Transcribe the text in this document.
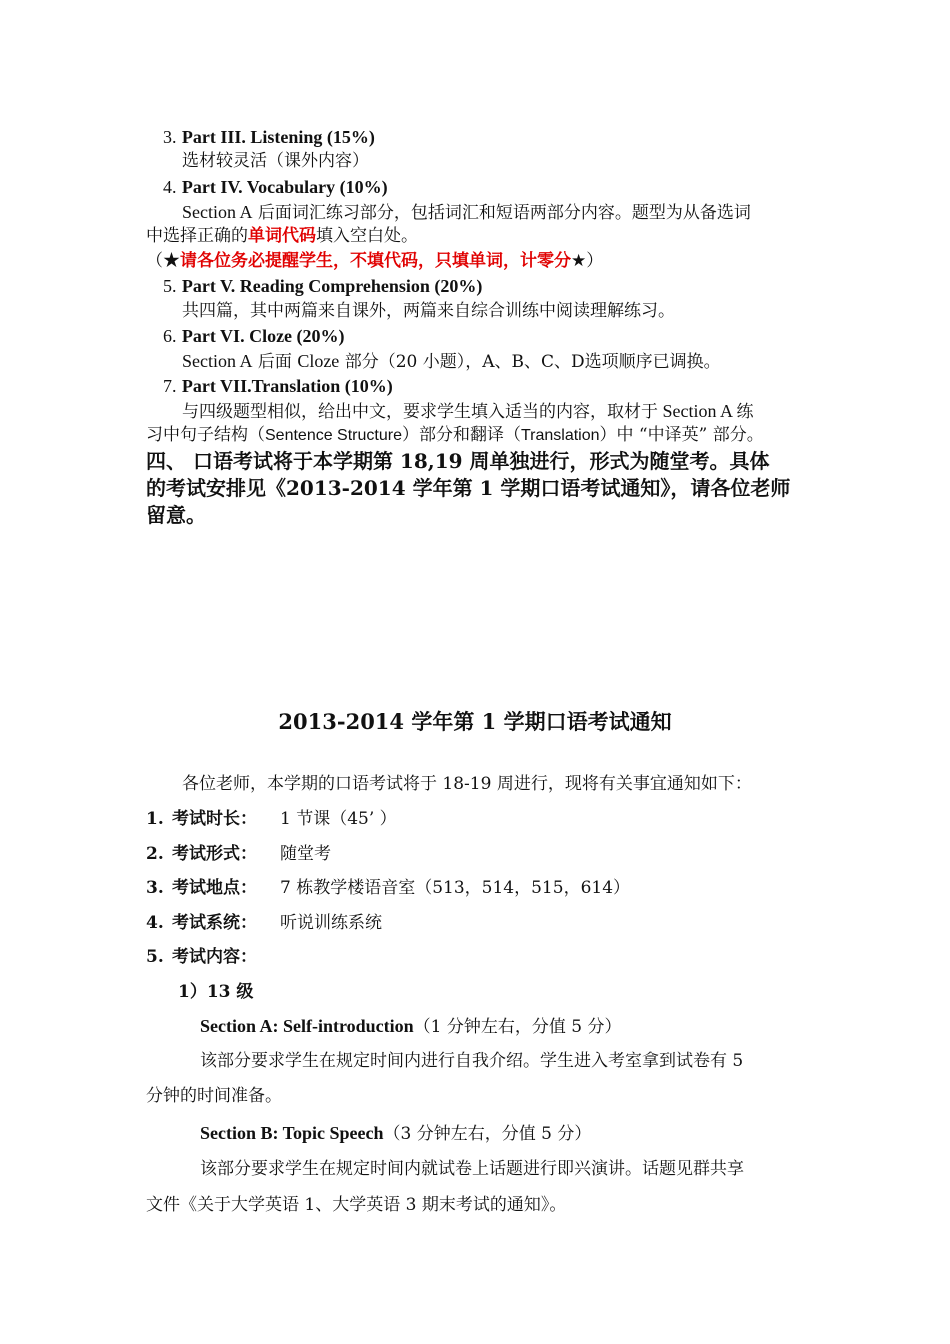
3. Part III. Listening (15%)
选材较灵活（课外内容）
4. Part IV. Vocabulary (10%)
Section A 后面词汇练习部分，包括词汇和短语两部分内容。题型为从备选词
中选择正确的单词代码填入空白处。
（★请各位务必提醒学生，不填代码，只填单词，计零分★）
5. Part V. Reading Comprehension (20%)
共四篇，其中两篇来自课外，两篇来自综合训练中阅读理解练习。
6. Part VI. Cloze (20%)
Section A 后面 Cloze 部分（20 小题），A、B、C、D选项顺序已调换。
7. Part VII.Translation (10%)
与四级题型相似，给出中文，要求学生填入适当的内容，取材于 Section A 练
习中句子结构（Sentence Structure）部分和翻译（Translation）中 “中译英” 部分。
四、 口语考试将于本学期第 18,19 周单独进行，形式为随堂考。具体
的考试安排见《2013-2014 学年第 1 学期口语考试通知》，请各位老师
留意。
2013-2014 学年第 1 学期口语考试通知
各位老师，本学期的口语考试将于 18-19 周进行，现将有关事宜通知如下：
1. 考试时长： 1 节课（45’ ）
2. 考试形式： 随堂考
3. 考试地点： 7 栋教学楼语音室（513，514，515，614）
4. 考试系统： 听说训练系统
5. 考试内容：
1）13 级
Section A: Self-introduction（1 分钟左右，分值 5 分）
该部分要求学生在规定时间内进行自我介绍。学生进入考室拿到试卷有 5
分钟的时间准备。
Section B: Topic Speech（3 分钟左右，分值 5 分）
该部分要求学生在规定时间内就试卷上话题进行即兴演讲。话题见群共享
文件《关于大学英语 1、大学英语 3 期末考试的通知》。
